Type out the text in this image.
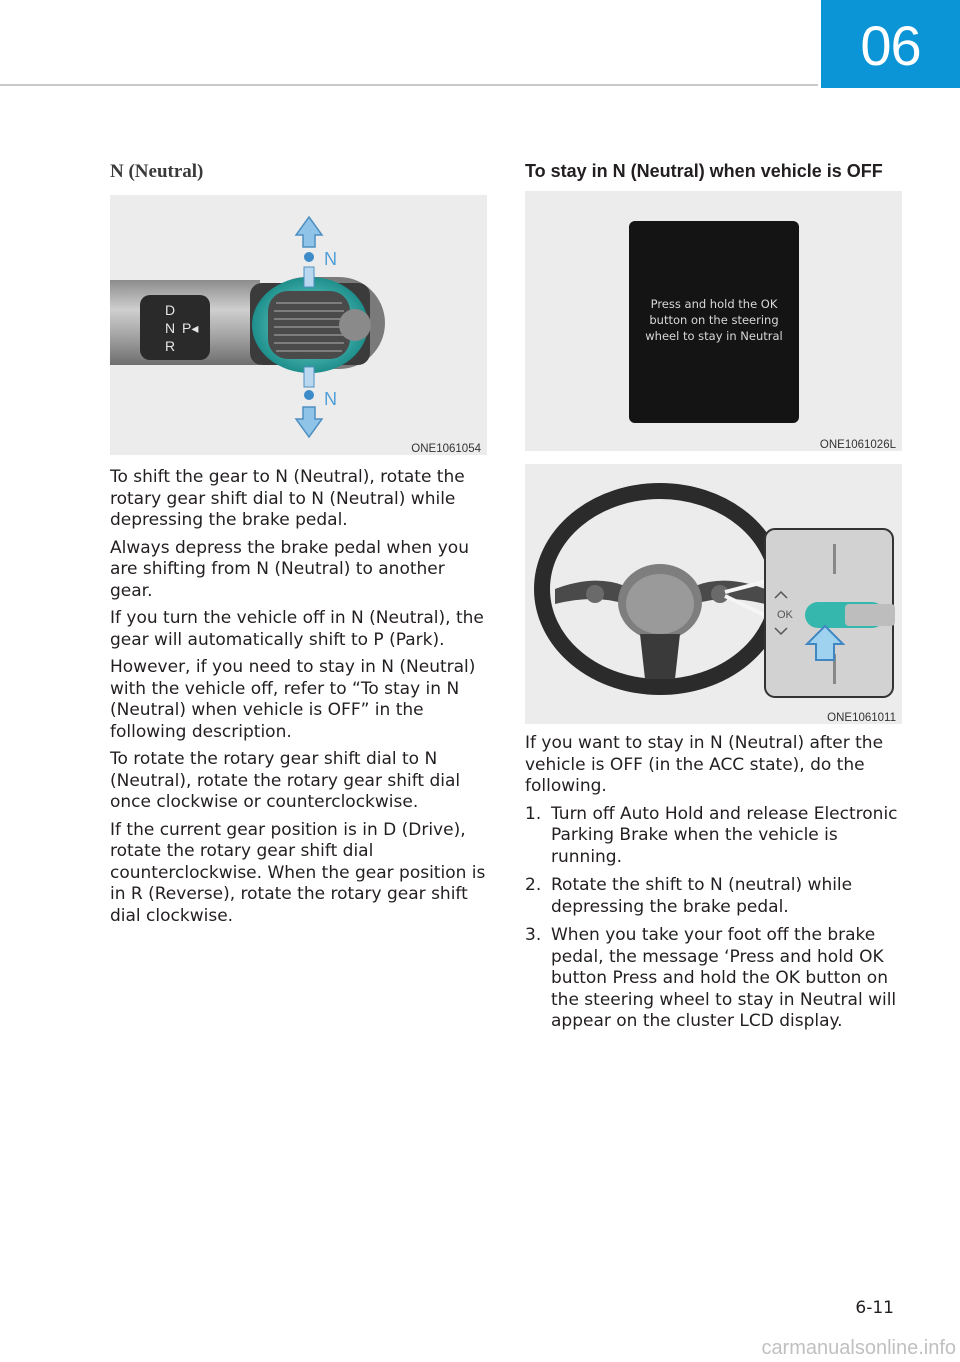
06
N (Neutral)
D
N P◂
R
N
N
ONE1061054

To shift the gear to N (Neutral), rotate the rotary gear shift dial to N (Neutral) while depressing the brake pedal.

Always depress the brake pedal when you are shifting from N (Neutral) to another gear.

If you turn the vehicle off in N (Neutral), the gear will automatically shift to P (Park).

However, if you need to stay in N (Neutral) with the vehicle off, refer to “To stay in N (Neutral) when vehicle is OFF” in the following description.

To rotate the rotary gear shift dial to N (Neutral), rotate the rotary gear shift dial once clockwise or counterclockwise.

If the current gear position is in D (Drive), rotate the rotary gear shift dial counterclockwise. When the gear position is in R (Reverse), rotate the rotary gear shift dial clockwise.

To stay in N (Neutral) when vehicle is OFF
Press and hold the OK
button on the steering
wheel to stay in Neutral
ONE1061026L
OK
ONE1061011

If you want to stay in N (Neutral) after the vehicle is OFF (in the ACC state), do the following.

1. Turn off Auto Hold and release Electronic Parking Brake when the vehicle is running.
2. Rotate the shift to N (neutral) while depressing the brake pedal.
3. When you take your foot off the brake pedal, the message ‘Press and hold OK button Press and hold the OK button on the steering wheel to stay in Neutral will appear on the cluster LCD display.
6-11
carmanualsonline.info
